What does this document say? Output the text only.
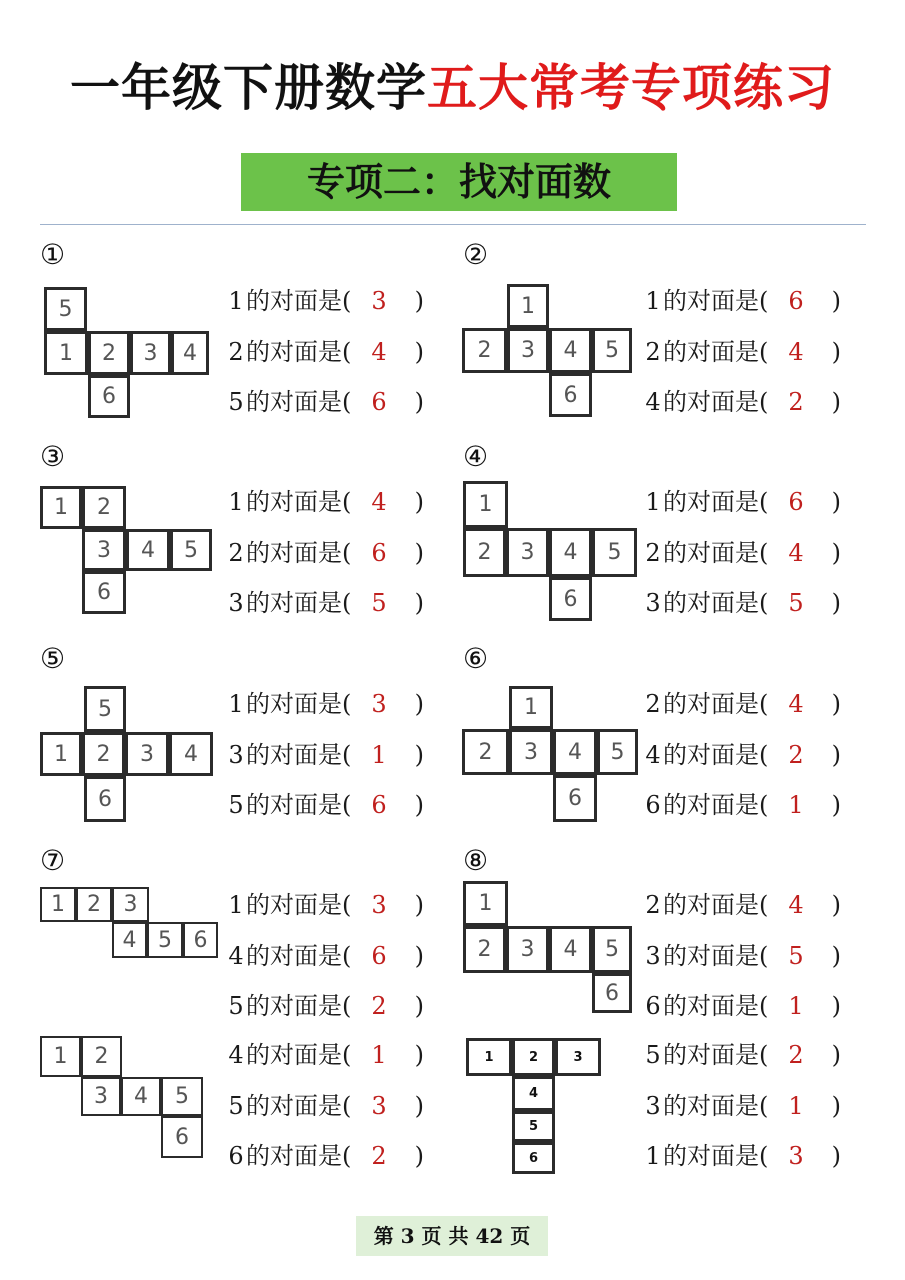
一年级下册数学五大常考专项练习
专项二：找对面数
①
5
1	2	3	4
6
1的对面是( 3 )
2的对面是( 4 )
5的对面是( 6 )
②
1
2	3	4	5
6
1的对面是( 6 )
2的对面是( 4 )
4的对面是( 2 )
③
1	2
3	4	5
6
1的对面是( 4 )
2的对面是( 6 )
3的对面是( 5 )
④
1
2	3	4	5
6
1的对面是( 6 )
2的对面是( 4 )
3的对面是( 5 )
⑤
5
1	2	3	4
6
1的对面是( 3 )
3的对面是( 1 )
5的对面是( 6 )
⑥
1
2	3	4	5
6
2的对面是( 4 )
4的对面是( 2 )
6的对面是( 1 )
⑦
1	2	3
4 5 6
1的对面是( 3 )
4的对面是( 6 )
5的对面是( 2 )
⑧
1
2	3	4	5
6
2的对面是( 4 )
3的对面是( 5 )
6的对面是( 1 )
1	2
3	4	5
6
4的对面是( 1 )
5的对面是( 3 )
6的对面是( 2 )
1	2	3
4
5
6
5的对面是( 2 )
3的对面是( 1 )
1的对面是( 3 )
第 3 页 共 42 页
